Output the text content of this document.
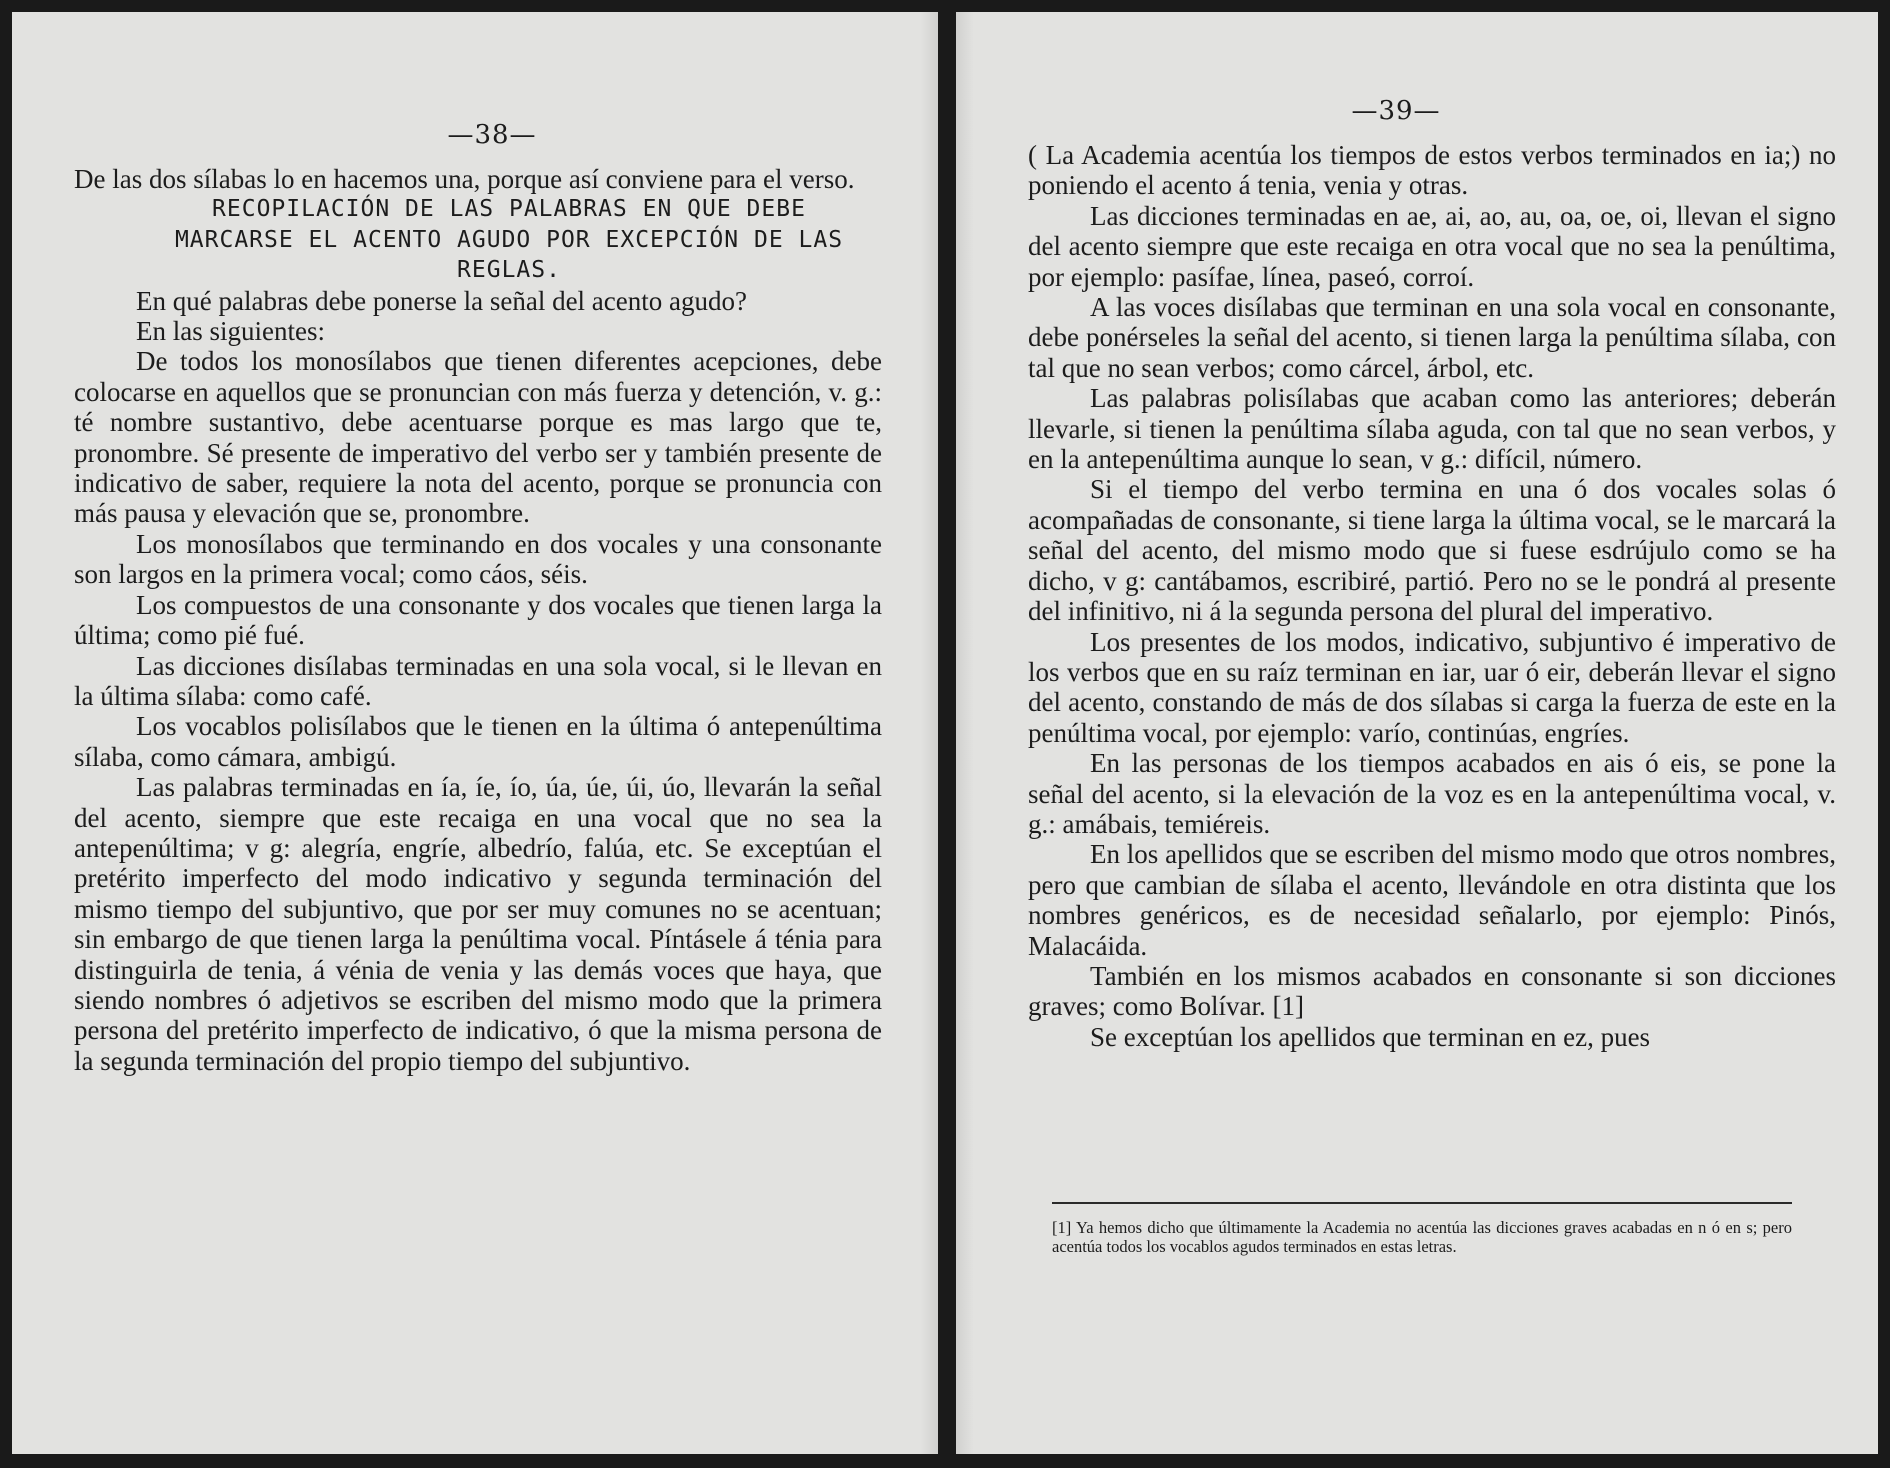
—38—

De las dos sílabas lo en hacemos una, porque así conviene para el verso.

RECOPILACIÓN DE LAS PALABRAS EN QUE DEBE

MARCARSE EL ACENTO AGUDO POR EXCEPCIÓN DE LAS

REGLAS.

En qué palabras debe ponerse la señal del acento agudo?

En las siguientes:

De todos los monosílabos que tienen diferentes acepciones, debe colocarse en aquellos que se pronuncian con más fuerza y detención, v. g.: té nombre sustantivo, debe acentuarse porque es mas largo que te, pronombre. Sé presente de imperativo del verbo ser y también presente de indicativo de saber, requiere la nota del acento, porque se pronuncia con más pausa y elevación que se, pronombre.

Los monosílabos que terminando en dos vocales y una consonante son largos en la primera vocal; como cáos, séis.

Los compuestos de una consonante y dos vocales que tienen larga la última; como pié fué.

Las dicciones disílabas terminadas en una sola vocal, si le llevan en la última sílaba: como café.

Los vocablos polisílabos que le tienen en la última ó antepenúltima sílaba, como cámara, ambigú.

Las palabras terminadas en ía, íe, ío, úa, úe, úi, úo, llevarán la señal del acento, siempre que este recaiga en una vocal que no sea la antepenúltima; v g: alegría, engríe, albedrío, falúa, etc. Se exceptúan el pretérito imperfecto del modo indicativo y segunda terminación del mismo tiempo del subjuntivo, que por ser muy comunes no se acentuan; sin embargo de que tienen larga la penúltima vocal. Píntásele á ténia para distinguirla de tenia, á vénia de venia y las demás voces que haya, que siendo nombres ó adjetivos se escriben del mismo modo que la primera persona del pretérito imperfecto de indicativo, ó que la misma persona de la segunda terminación del propio tiempo del subjuntivo.

—39—

( La Academia acentúa los tiempos de estos verbos terminados en ia;) no poniendo el acento á tenia, venia y otras.

Las dicciones terminadas en ae, ai, ao, au, oa, oe, oi, llevan el signo del acento siempre que este recaiga en otra vocal que no sea la penúltima, por ejemplo: pasífae, línea, paseó, corroí.

A las voces disílabas que terminan en una sola vocal en consonante, debe ponérseles la señal del acento, si tienen larga la penúltima sílaba, con tal que no sean verbos; como cárcel, árbol, etc.

Las palabras polisílabas que acaban como las anteriores; deberán llevarle, si tienen la penúltima sílaba aguda, con tal que no sean verbos, y en la antepenúltima aunque lo sean, v g.: difícil, número.

Si el tiempo del verbo termina en una ó dos vocales solas ó acompañadas de consonante, si tiene larga la última vocal, se le marcará la señal del acento, del mismo modo que si fuese esdrújulo como se ha dicho, v g: cantábamos, escribiré, partió. Pero no se le pondrá al presente del infinitivo, ni á la segunda persona del plural del imperativo.

Los presentes de los modos, indicativo, subjuntivo é imperativo de los verbos que en su raíz terminan en iar, uar ó eir, deberán llevar el signo del acento, constando de más de dos sílabas si carga la fuerza de este en la penúltima vocal, por ejemplo: varío, continúas, engríes.

En las personas de los tiempos acabados en ais ó eis, se pone la señal del acento, si la elevación de la voz es en la antepenúltima vocal, v. g.: amábais, temiéreis.

En los apellidos que se escriben del mismo modo que otros nombres, pero que cambian de sílaba el acento, llevándole en otra distinta que los nombres genéricos, es de necesidad señalarlo, por ejemplo: Pinós, Malacáida.

También en los mismos acabados en consonante si son dicciones graves; como Bolívar. [1]

Se exceptúan los apellidos que terminan en ez, pues

[1] Ya hemos dicho que últimamente la Academia no acentúa las dicciones graves acabadas en n ó en s; pero acentúa todos los vocablos agudos terminados en estas letras.
